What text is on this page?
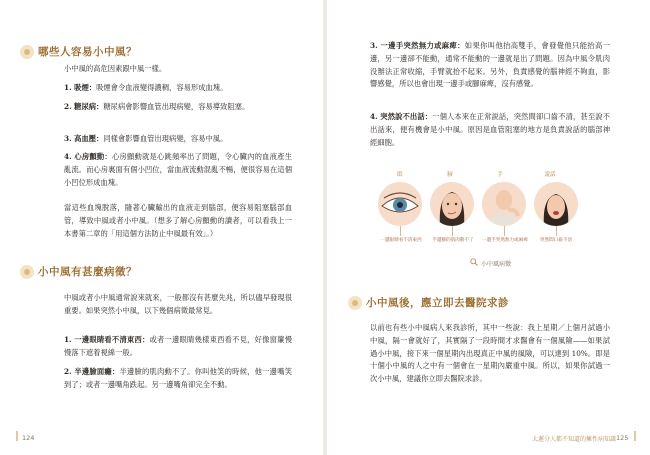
哪些人容易小中風？
小中風的高危因素跟中風一樣。
1. 吸煙：吸煙會令血液變得濃稠，容易形成血塊。
2. 糖尿病：糖尿病會影響血管出現病變，容易導致阻塞。
3. 高血壓：同樣會影響血管出現病變，容易中風。
4. 心房顫動：心房顫動就是心跳頻率出了問題，令心臟內的血液產生亂流。而心房裏面有個小凹位，當血液流動混亂不暢，便很容易在這個小凹位形成血塊。
當這些血塊脫落，隨著心臟輸出的血液走到腦部，便容易阻塞腦部血管，導致中風或者小中風。（想多了解心房顫動的讀者，可以看我上一本書第二章的「用這個方法防止中風最有效」。）
小中風有甚麼病徵？
中風或者小中風通常說來就來，一般都沒有甚麼先兆，所以儘早發現很重要。如果突然小中風，以下幾個病徵最常見。
1. 一邊眼睛看不清東西：或者一邊眼睛幾樣東西看不見，好像窗簾慢慢落下遮着視線一般。
2. 半邊臉面癱：半邊臉的肌肉動不了。你叫他笑的時候，他一邊嘴笑到了；或者一邊嘴角跌起。另一邊嘴角卻完全不動。
124
3. 一邊手突然無力或麻痺：如果你叫他抬高雙手，會發覺他只能抬高一邊，另一邊卻不能動，通常不能動的一邊就是出了問題。因為中風令肌肉没辦法正常收縮，手臂就抬不起來。另外，負責感覺的腦神經不夠血，影響感覺，所以也會出現一邊手或腳麻痺，沒有感覺。
4. 突然說不出話：一個人本來在正常説話，突然間卻口齒不清，甚至說不出話來，便有機會是小中風。原因是血管阻塞的地方是負責說話的腦部神經細胞。
眼	臉	手	說話
一邊眼睛看不清東西 半邊臉的肌肉動不了 一邊手突然無力或麻痺	突然間口齒不清
小中風病徵
小中風後，應立即去醫院求診
以前也有些小中風病人來我診所，其中一些說：我上星期／上個月試過小中風，隔一會就好了，其實隔了一段時間才求醫會有一個風險——如果試過小中風，接下來一個星期內出現真正中風的風險，可以達到 10%。即是十個小中風的人之中有一個會在一星期內嚴重中風。所以，如果你試過一次小中風，建議你立即去醫院求診。
太遲分人都不知道的擁性病知識 125
